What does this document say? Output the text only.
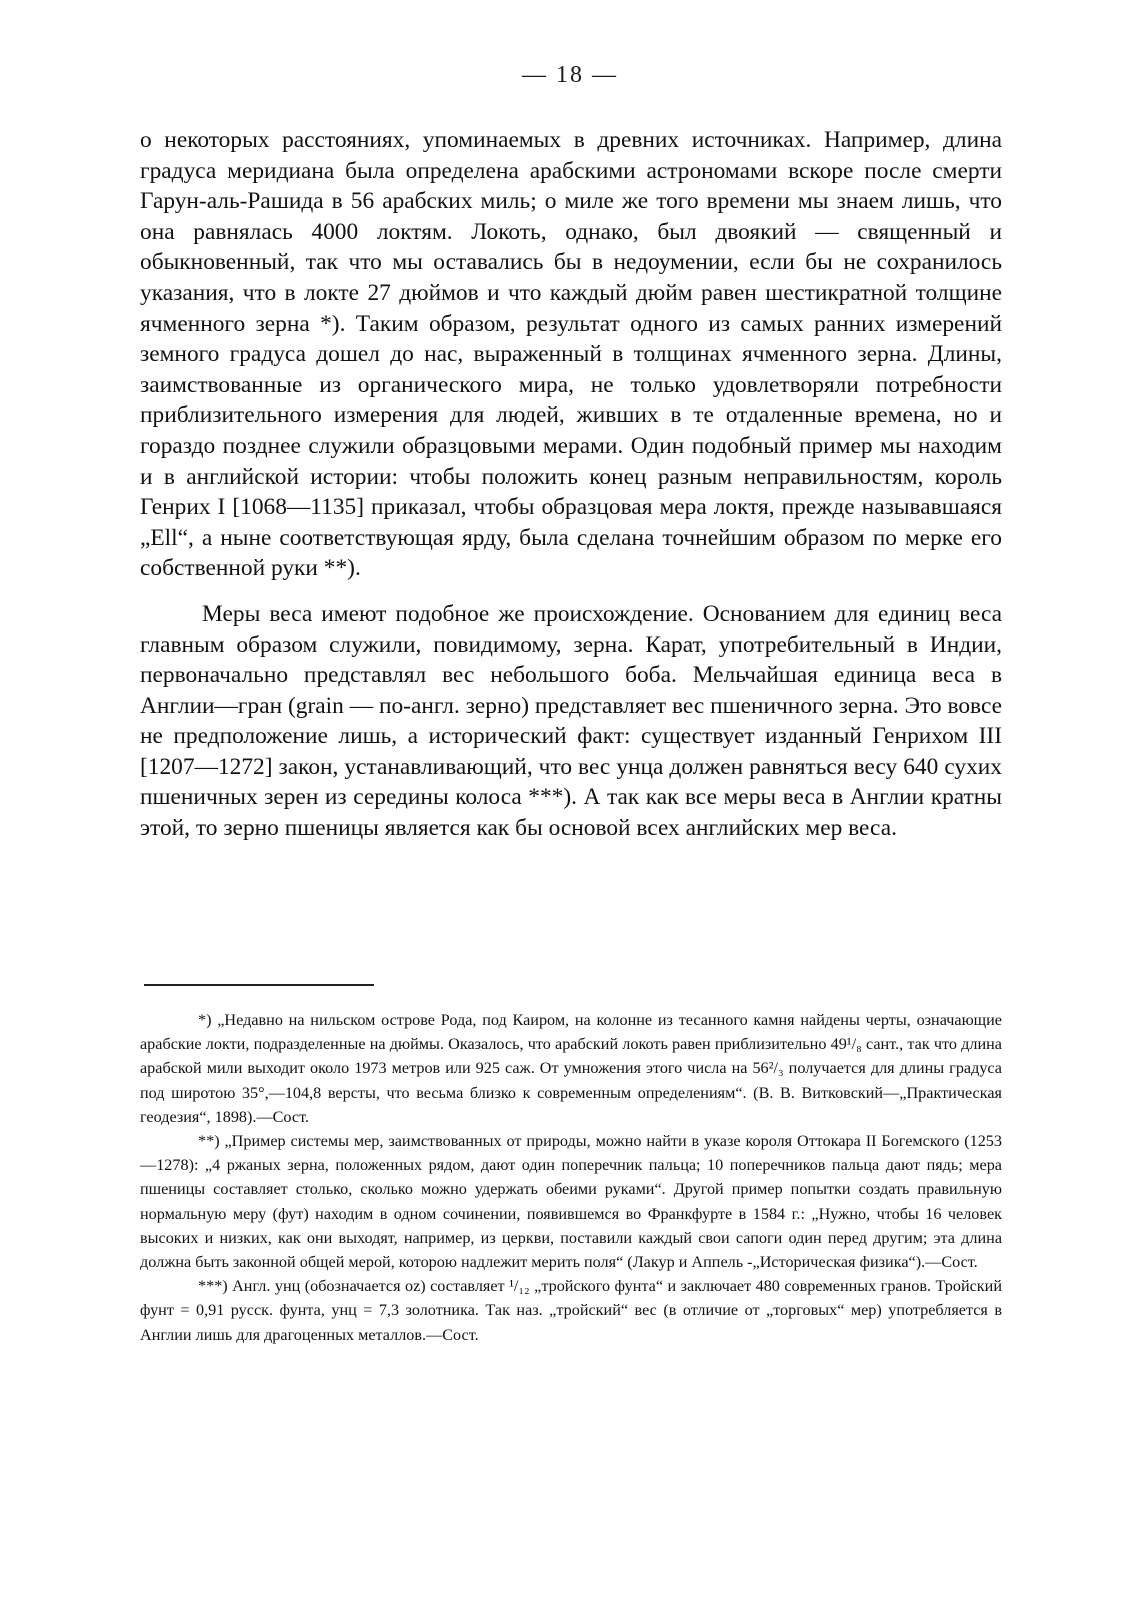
— 18 —

о некоторых расстояниях, упоминаемых в древних источниках. Например, длина градуса меридиана была определена арабскими астрономами вскоре после смерти Гарун-аль-Рашида в 56 арабских миль; о миле же того времени мы знаем лишь, что она равнялась 4000 локтям. Локоть, однако, был двоякий — священный и обыкновенный, так что мы оставались бы в недоумении, если бы не сохранилось указания, что в локте 27 дюймов и что каждый дюйм равен шестикратной толщине ячменного зерна *). Таким образом, результат одного из самых ранних измерений земного градуса дошел до нас, выраженный в толщинах ячменного зерна. Длины, заимствованные из органического мира, не только удовлетворяли потребности приблизительного измерения для людей, живших в те отдаленные времена, но и гораздо позднее служили образцовыми мерами. Один подобный пример мы находим и в английской истории: чтобы положить конец разным неправильностям, король Генрих I [1068—1135] приказал, чтобы образцовая мера локтя, прежде называвшаяся „Ell“, а ныне соответствующая ярду, была сделана точнейшим образом по мерке его собственной руки **).

Меры веса имеют подобное же происхождение. Основанием для единиц веса главным образом служили, повидимому, зерна. Карат, употребительный в Индии, первоначально представлял вес небольшого боба. Мельчайшая единица веса в Англии—гран (grain — по-англ. зерно) представляет вес пшеничного зерна. Это вовсе не предположение лишь, а исторический факт: существует изданный Генрихом III [1207—1272] закон, устанавливающий, что вес унца должен равняться весу 640 сухих пшеничных зерен из середины колоса ***). А так как все меры веса в Англии кратны этой, то зерно пшеницы является как бы основой всех английских мер веса.

*) „Недавно на нильском острове Рода, под Каиром, на колонне из тесанного камня найдены черты, означающие арабские локти, подразделенные на дюймы. Оказалось, что арабский локоть равен приблизительно 49¹/₈ сант., так что длина арабской мили выходит около 1973 метров или 925 саж. От умножения этого числа на 56²/₃ получается для длины градуса под широтою 35°,—104,8 версты, что весьма близко к современным определениям“. (В. В. Витковский—„Практическая геодезия“, 1898).—Сост.

**) „Пример системы мер, заимствованных от природы, можно найти в указе короля Оттокара II Богемского (1253—1278): „4 ржаных зерна, положенных рядом, дают один поперечник пальца; 10 поперечников пальца дают пядь; мера пшеницы составляет столько, сколько можно удержать обеими руками“. Другой пример попытки создать правильную нормальную меру (фут) находим в одном сочинении, появившемся во Франкфурте в 1584 г.: „Нужно, чтобы 16 человек высоких и низких, как они выходят, например, из церкви, поставили каждый свои сапоги один перед другим; эта длина должна быть законной общей мерой, которою надлежит мерить поля“ (Лакур и Аппель -„Историческая физика“).—Сост.

***) Англ. унц (обозначается oz) составляет ¹/₁₂ „тройского фунта“ и заключает 480 современных гранов. Тройский фунт = 0,91 русск. фунта, унц = 7,3 золотника. Так наз. „тройский“ вес (в отличие от „торговых“ мер) употребляется в Англии лишь для драгоценных металлов.—Сост.
